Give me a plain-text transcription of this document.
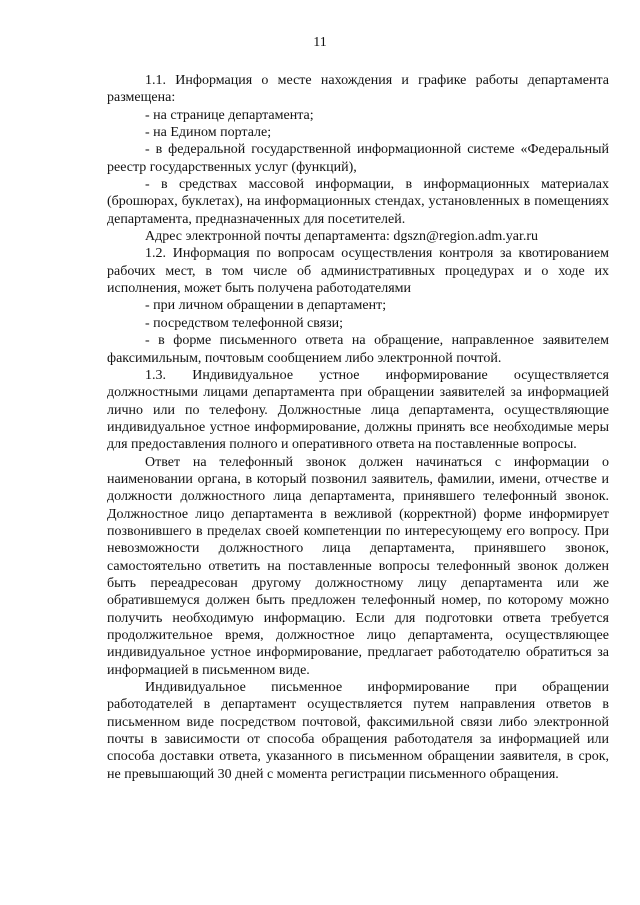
11

1.1. Информация о месте нахождения и графике работы департамента размещена:

- на странице департамента;

- на Едином портале;

- в федеральной государственной информационной системе «Федеральный реестр государственных услуг (функций),

- в средствах массовой информации, в информационных материалах (брошюрах, буклетах), на информационных стендах, установленных в помещениях департамента, предназначенных для посетителей.

Адрес электронной почты департамента: dgszn@region.adm.yar.ru

1.2. Информация по вопросам осуществления контроля за квотированием рабочих мест, в том числе об административных процедурах и о ходе их исполнения, может быть получена работодателями

- при личном обращении в департамент;

- посредством телефонной связи;

- в форме письменного ответа на обращение, направленное заявителем факсимильным, почтовым сообщением либо электронной почтой.

1.3. Индивидуальное устное информирование осуществляется должностными лицами департамента при обращении заявителей за информацией лично или по телефону. Должностные лица департамента, осуществляющие индивидуальное устное информирование, должны принять все необходимые меры для предоставления полного и оперативного ответа на поставленные вопросы.

Ответ на телефонный звонок должен начинаться с информации о наименовании органа, в который позвонил заявитель, фамилии, имени, отчестве и должности должностного лица департамента, принявшего телефонный звонок. Должностное лицо департамента в вежливой (корректной) форме информирует позвонившего в пределах своей компетенции по интересующему его вопросу. При невозможности должностного лица департамента, принявшего звонок, самостоятельно ответить на поставленные вопросы телефонный звонок должен быть переадресован другому должностному лицу департамента или же обратившемуся должен быть предложен телефонный номер, по которому можно получить необходимую информацию. Если для подготовки ответа требуется продолжительное время, должностное лицо департамента, осуществляющее индивидуальное устное информирование, предлагает работодателю обратиться за информацией в письменном виде.

Индивидуальное письменное информирование при обращении работодателей в департамент осуществляется путем направления ответов в письменном виде посредством почтовой, факсимильной связи либо электронной почты в зависимости от способа обращения работодателя за информацией или способа доставки ответа, указанного в письменном обращении заявителя, в срок, не превышающий 30 дней с момента регистрации письменного обращения.
